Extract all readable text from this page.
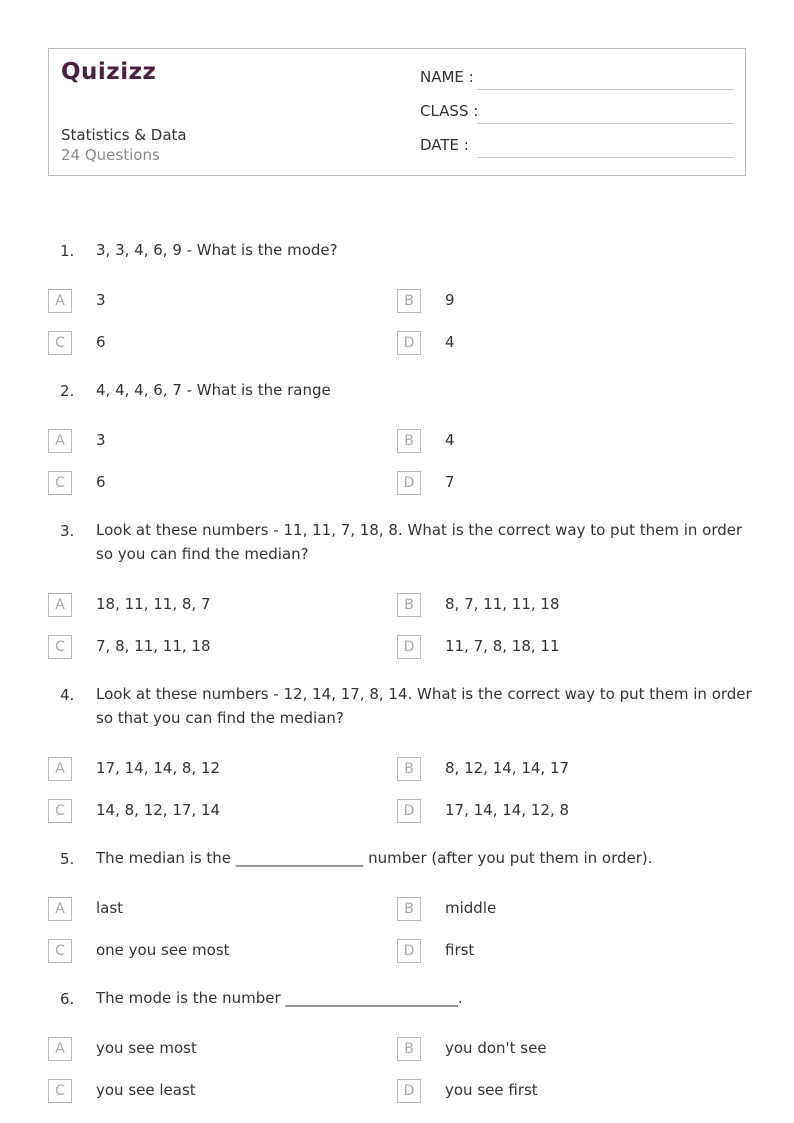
Quizizz
Statistics & Data
24 Questions
NAME :
CLASS :
DATE :
1. 3, 3, 4, 6, 9 - What is the mode?
A	3	B	9
C	6	D	4
2. 4, 4, 4, 6, 7 - What is the range
A	3	B	4
C	6	D	7
3. Look at these numbers - 11, 11, 7, 18, 8. What is the correct way to put them in order so you can find the median?
A	18, 11, 11, 8, 7	B	8, 7, 11, 11, 18
C	7, 8, 11, 11, 18	D	11, 7, 8, 18, 11
4. Look at these numbers - 12, 14, 17, 8, 14. What is the correct way to put them in order so that you can find the median?
A	17, 14, 14, 8, 12	B	8, 12, 14, 14, 17
C	14, 8, 12, 17, 14	D	17, 14, 14, 12, 8
5. The median is the _________________ number (after you put them in order).
A	last	B	middle
C	one you see most	D	first
6. The mode is the number _______________________.
A	you see most	B	you don't see
C	you see least	D	you see first
